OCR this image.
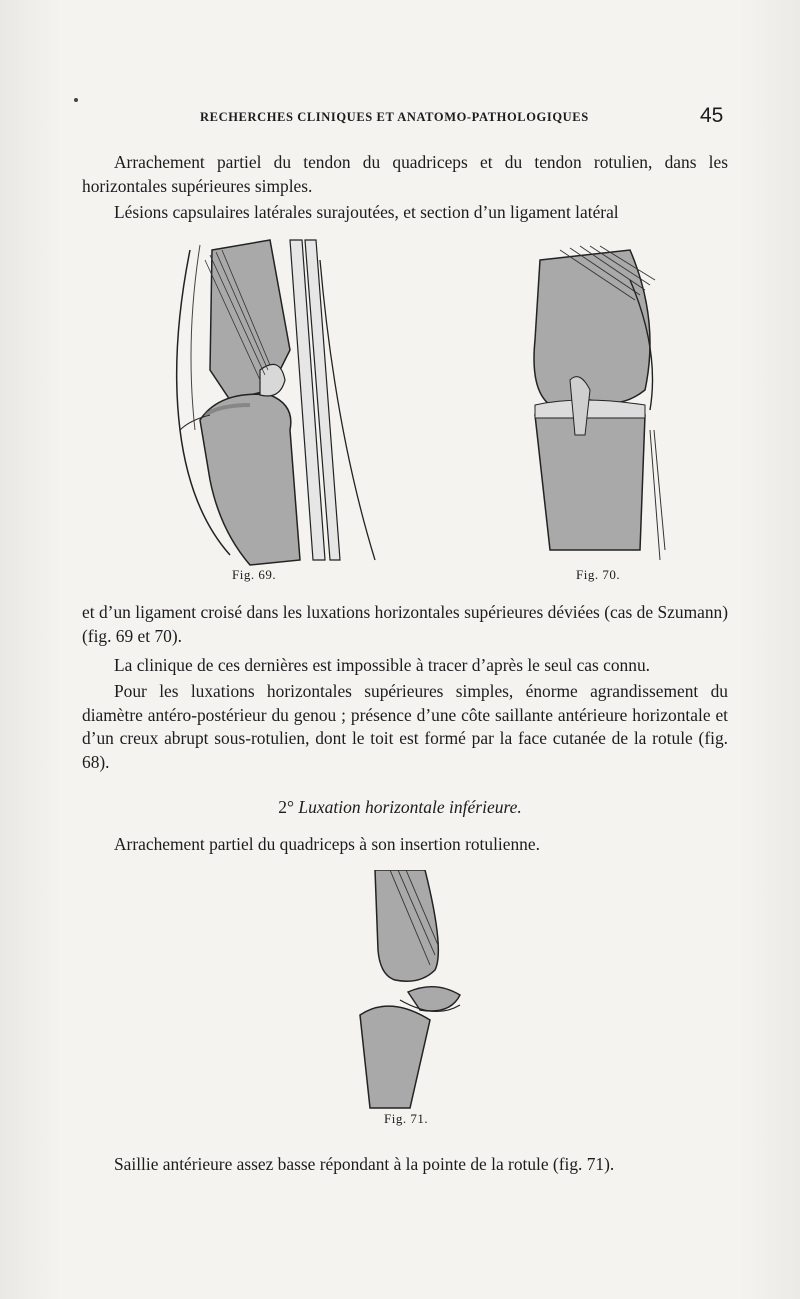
RECHERCHES CLINIQUES ET ANATOMO-PATHOLOGIQUES	45
Arrachement partiel du tendon du quadriceps et du tendon rotulien, dans les horizontales supérieures simples.
Lésions capsulaires latérales surajoutées, et section d’un ligament latéral
Fig. 69.	Fig. 70.
et d’un ligament croisé dans les luxations horizontales supérieures déviées (cas de Szumann) (fig. 69 et 70).
La clinique de ces dernières est impossible à tracer d’après le seul cas connu.
Pour les luxations horizontales supérieures simples, énorme agrandissement du diamètre antéro-postérieur du genou ; présence d’une côte saillante antérieure horizontale et d’un creux abrupt sous-rotulien, dont le toit est formé par la face cutanée de la rotule (fig. 68).
2° Luxation horizontale inférieure.
Arrachement partiel du quadriceps à son insertion rotulienne.
Fig. 71.
Saillie antérieure assez basse répondant à la pointe de la rotule (fig. 71).
